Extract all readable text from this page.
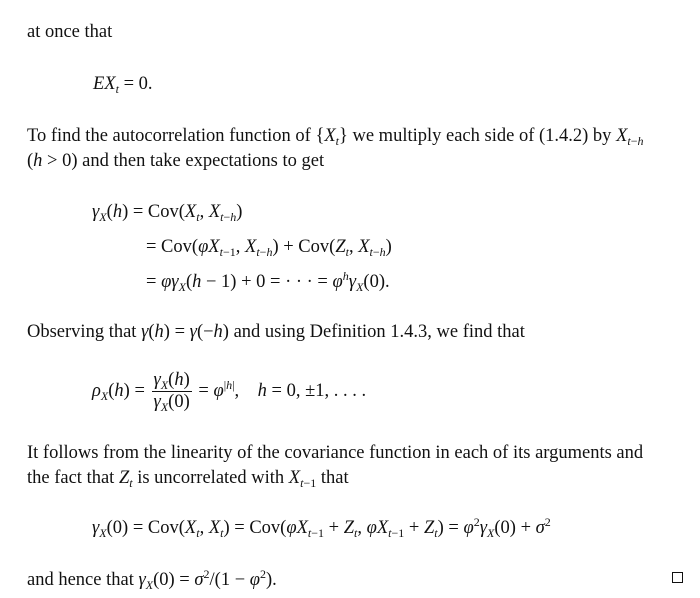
at once that
$EX_t = 0$.
To find the autocorrelation function of $\{X_t\}$ we multiply each side of (1.4.2) by $X_{t-h}$
(h > 0) and then take expectations to get
$\gamma_X(h) = Cov(X_t$, $X_{t-h}$)
= $Cov(\varphi X_{t-1}$, $X_{t-h}) + Cov(Z_t$, $X_{t-h}$)
= $\varphi\gamma_X(h - 1) + 0$ = · · · = $\varphi^h\gamma_X(0)$.
Observing that γ(h) = γ(−h) and using Definition 1.4.3, we find that
$\rho_X(h) = \frac{\gamma_X(h)}{\gamma_X(0)} = \varphi^{|h|}$,    h = 0, ±1, . . . .
It follows from the linearity of the covariance function in each of its arguments and
the fact that $Z_t$ is uncorrelated with $X_{t-1}$ that
$\gamma_X(0) = Cov(X_t$, $X_t) = Cov(\varphi X_{t-1} + Z_t$, $\varphi X_{t-1} + Z_t) = \varphi^2\gamma_X(0) + \sigma^2$
and hence that $\gamma_X(0) = \sigma^2/(1 - \varphi^2)$.
